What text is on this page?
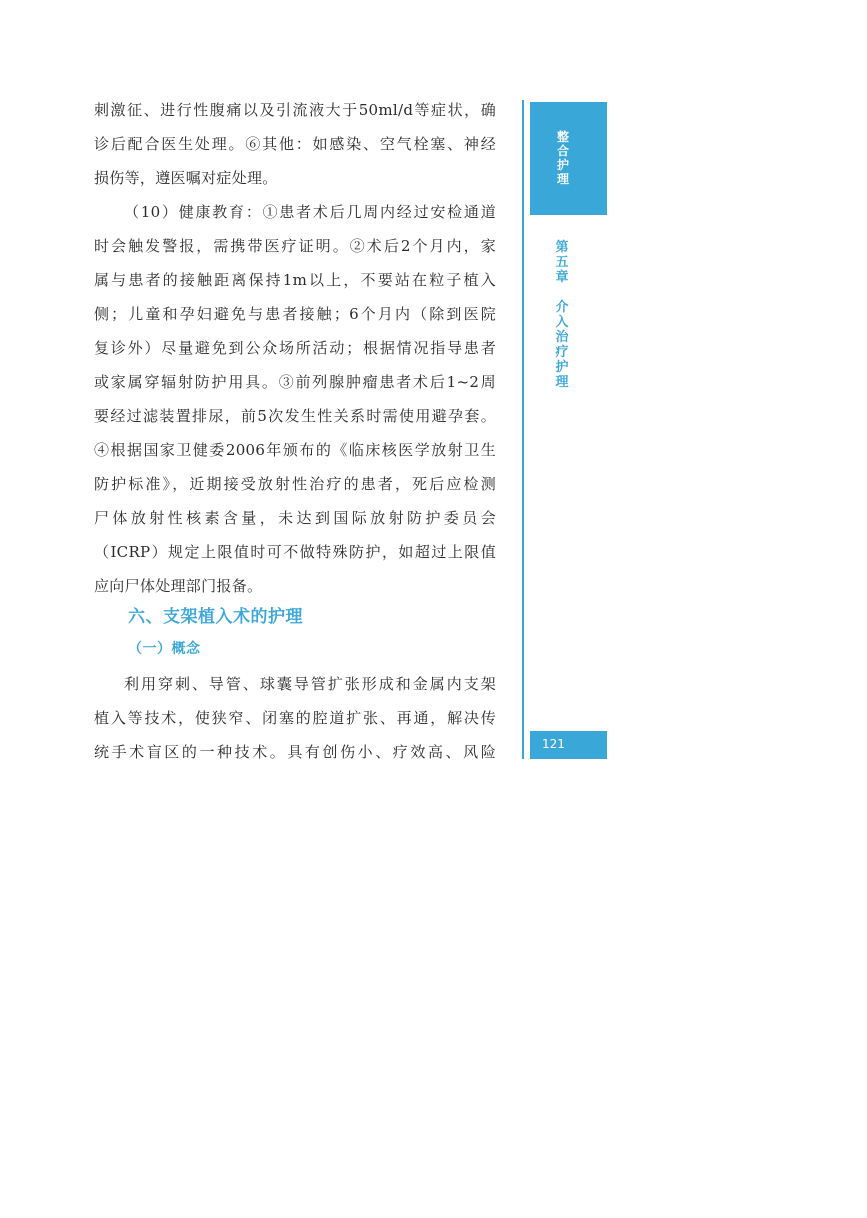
刺激征、进行性腹痛以及引流液大于50ml/d等症状，确
诊后配合医生处理。⑥其他：如感染、空气栓塞、神经
损伤等，遵医嘱对症处理。
（10）健康教育：①患者术后几周内经过安检通道
时会触发警报，需携带医疗证明。②术后2个月内，家
属与患者的接触距离保持1m以上，不要站在粒子植入
侧；儿童和孕妇避免与患者接触；6个月内（除到医院
复诊外）尽量避免到公众场所活动；根据情况指导患者
或家属穿辐射防护用具。③前列腺肿瘤患者术后1~2周
要经过滤装置排尿，前5次发生性关系时需使用避孕套。
④根据国家卫健委2006年颁布的《临床核医学放射卫生
防护标准》，近期接受放射性治疗的患者，死后应检测
尸体放射性核素含量，未达到国际放射防护委员会
（ICRP）规定上限值时可不做特殊防护，如超过上限值
应向尸体处理部门报备。
六、支架植入术的护理
（一）概念
利用穿刺、导管、球囊导管扩张形成和金属内支架
植入等技术，使狭窄、闭塞的腔道扩张、再通，解决传
统手术盲区的一种技术。具有创伤小、疗效高、风险
整
合
护
理
第
五
章

介
入
治
疗
护
理
121
